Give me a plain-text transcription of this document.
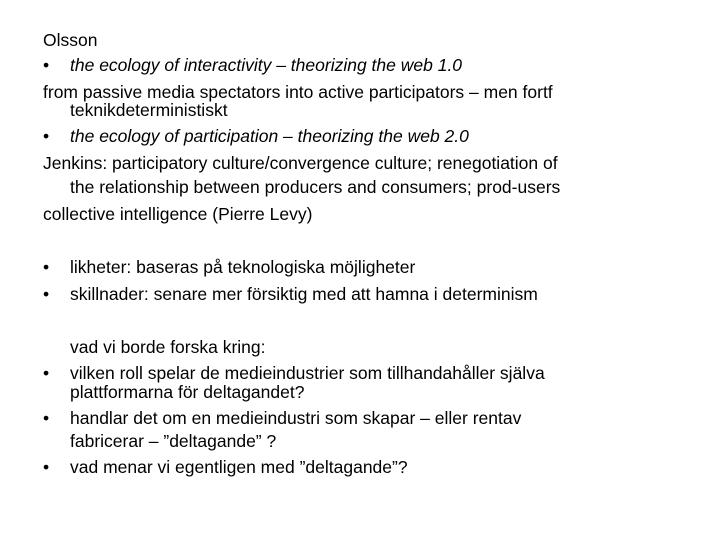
Olsson
•	the ecology of interactivity – theorizing the web 1.0
from passive media spectators into active participators – men fortf
teknikdeterministiskt
•	the ecology of participation – theorizing the web 2.0
Jenkins: participatory culture/convergence culture; renegotiation of
the relationship between producers and consumers; prod-users
collective intelligence (Pierre Levy)
•	likheter: baseras på teknologiska möjligheter
•	skillnader: senare mer försiktig med att hamna i determinism
vad vi borde forska kring:
•	vilken roll spelar de medieindustrier som tillhandahåller själva
plattformarna för deltagandet?
•	handlar det om en medieindustri som skapar – eller rentav
fabricerar – ”deltagande” ?
•	vad menar vi egentligen med ”deltagande”?
